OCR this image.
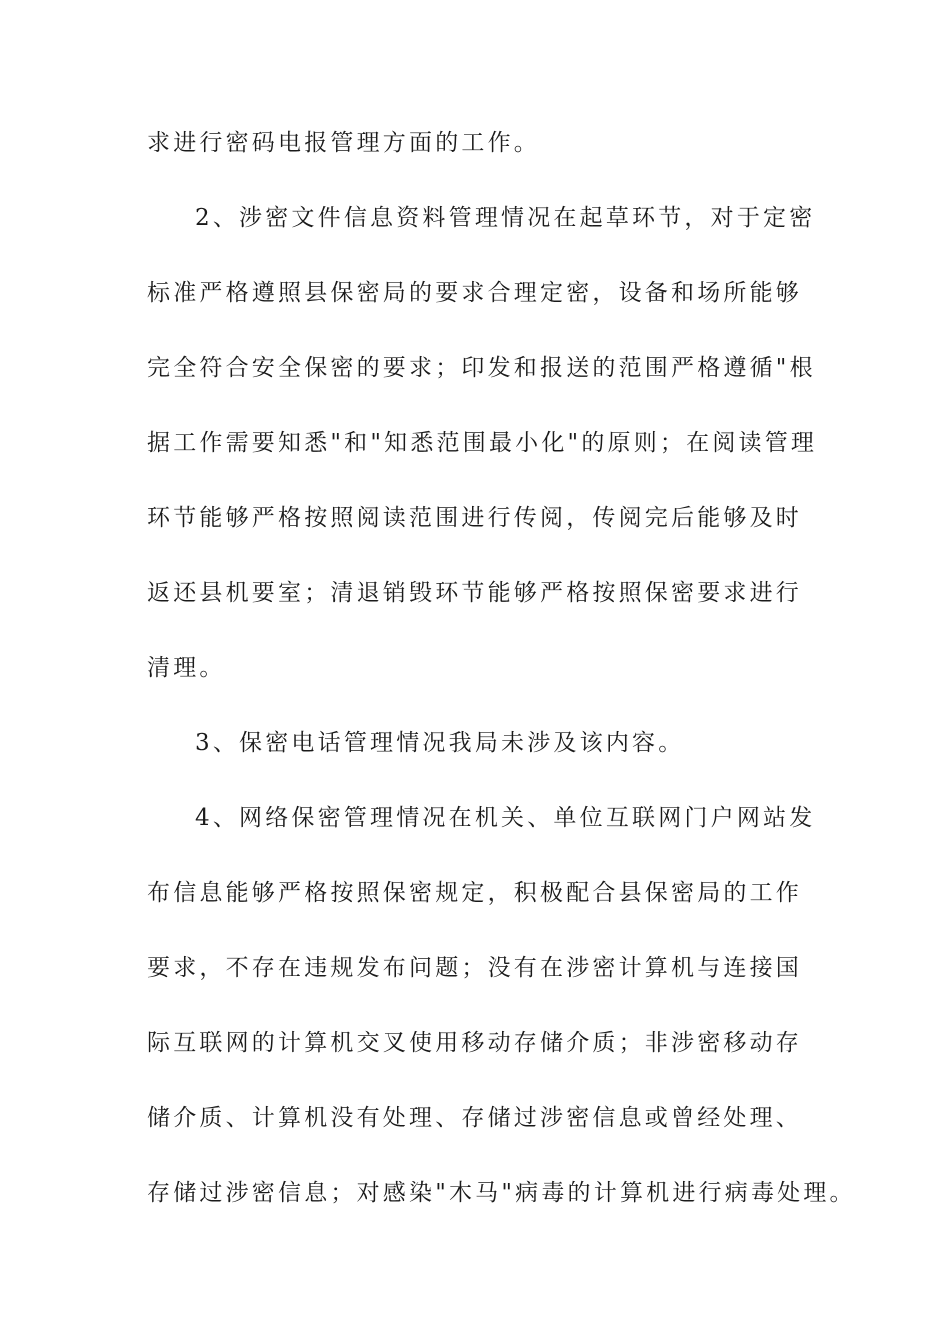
求进行密码电报管理方面的工作。
2、涉密文件信息资料管理情况在起草环节，对于定密
标准严格遵照县保密局的要求合理定密，设备和场所能够
完全符合安全保密的要求；印发和报送的范围严格遵循"根
据工作需要知悉"和"知悉范围最小化"的原则；在阅读管理
环节能够严格按照阅读范围进行传阅，传阅完后能够及时
返还县机要室；清退销毁环节能够严格按照保密要求进行
清理。
3、保密电话管理情况我局未涉及该内容。
4、网络保密管理情况在机关、单位互联网门户网站发
布信息能够严格按照保密规定，积极配合县保密局的工作
要求，不存在违规发布问题；没有在涉密计算机与连接国
际互联网的计算机交叉使用移动存储介质；非涉密移动存
储介质、计算机没有处理、存储过涉密信息或曾经处理、
存储过涉密信息；对感染"木马"病毒的计算机进行病毒处理。
